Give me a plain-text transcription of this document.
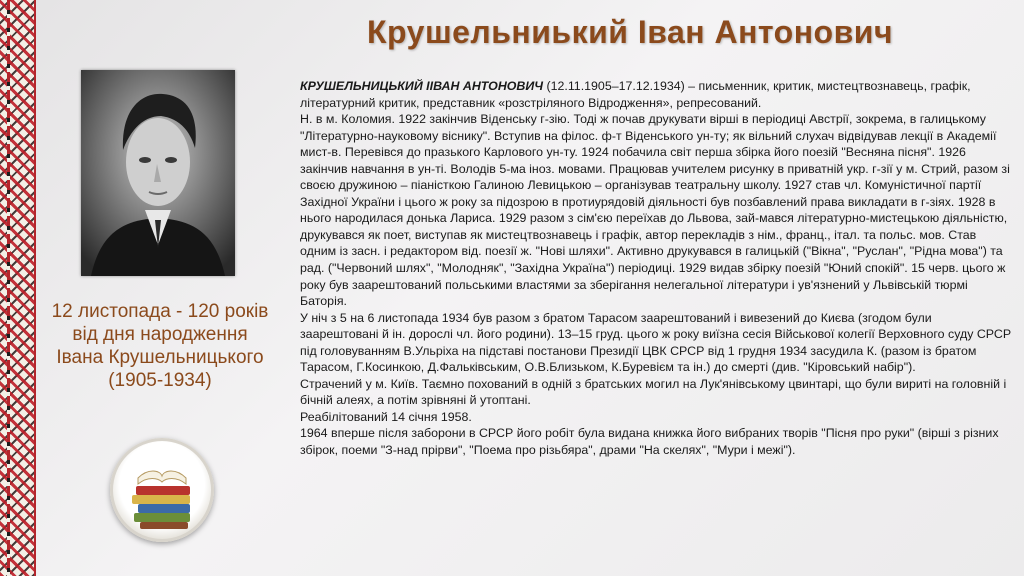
Крушельниький Іван Антонович
12 листопада - 120 років
від дня народження
Івана Крушельницького
(1905-1934)

КРУШЕЛЬНИЦЬКИЙ ІІВАН АНТОНОВИЧ (12.11.1905–17.12.1934) – письменник, критик, мистецтвознавець, графік, літературний критик, представник «розстріляного Відродження», репресований.

Н. в м. Коломия. 1922 закінчив Віденську г-зію. Тоді ж почав друкувати вірші в періодиці Австрії, зокрема, в галицькому "Літературно-науковому віснику". Вступив на філос. ф-т Віденського ун-ту; як вільний слухач відвідував лекції в Академії мист-в. Перевівся до празького Карлового ун-ту. 1924 побачила світ перша збірка його поезій "Весняна пісня". 1926 закінчив навчання в ун-ті. Володів 5-ма іноз. мовами. Працював учителем рисунку в приватній укр. г-зії у м. Стрий, разом зі своєю дружиною – піаністкою Галиною Левицькою – організував театральну школу. 1927 став чл. Комуністичної партії Західної України і цього ж року за підозрою в протиурядовій діяльності був позбавлений права викладати в г-зіях. 1928 в нього народилася донька Лариса. 1929 разом з сім'єю переїхав до Львова, зай-мався літературно-мистецькою діяльністю, друкувався як поет, виступав як мистецтвознавець і графік, автор перекладів з нім., франц., італ. та польс. мов. Став одним із засн. і редактором від. поезії ж. "Нові шляхи". Активно друкувався в галицькій ("Вікна", "Руслан", "Рідна мова") та рад. ("Червоний шлях", "Молодняк", "Західна Україна") періодиці. 1929 видав збірку поезій "Юний спокій". 15 черв. цього ж року був заарештований польськими властями за зберігання нелегальної літератури і ув'язнений у Львівській тюрмі Баторія.

У ніч з 5 на 6 листопада 1934 був разом з братом Тарасом заарештований і вивезений до Києва (згодом були заарештовані й ін. дорослі чл. його родини). 13–15 груд. цього ж року виїзна сесія Військової колегії Верховного суду СРСР під головуванням В.Ульріха на підставі постанови Президії ЦВК СРСР від 1 грудня 1934 засудила К. (разом із братом Тарасом, Г.Косинкою, Д.Фальківським, О.В.Близьком, К.Буревієм та ін.) до смерті (див. "Кіровський набір").

Страчений у м. Київ. Таємно похований в одній з братських могил на Лук'янівському цвинтарі, що були вириті на головній і бічній алеях, а потім зрівняні й утоптані.

Реабілітований 14 січня 1958.

1964 вперше після заборони в СРСР його робіт була видана книжка його вибраних творів "Пісня про руки" (вірші з різних збірок, поеми "З-над прірви", "Поема про різьбяра", драми "На скелях", "Мури і межі").
